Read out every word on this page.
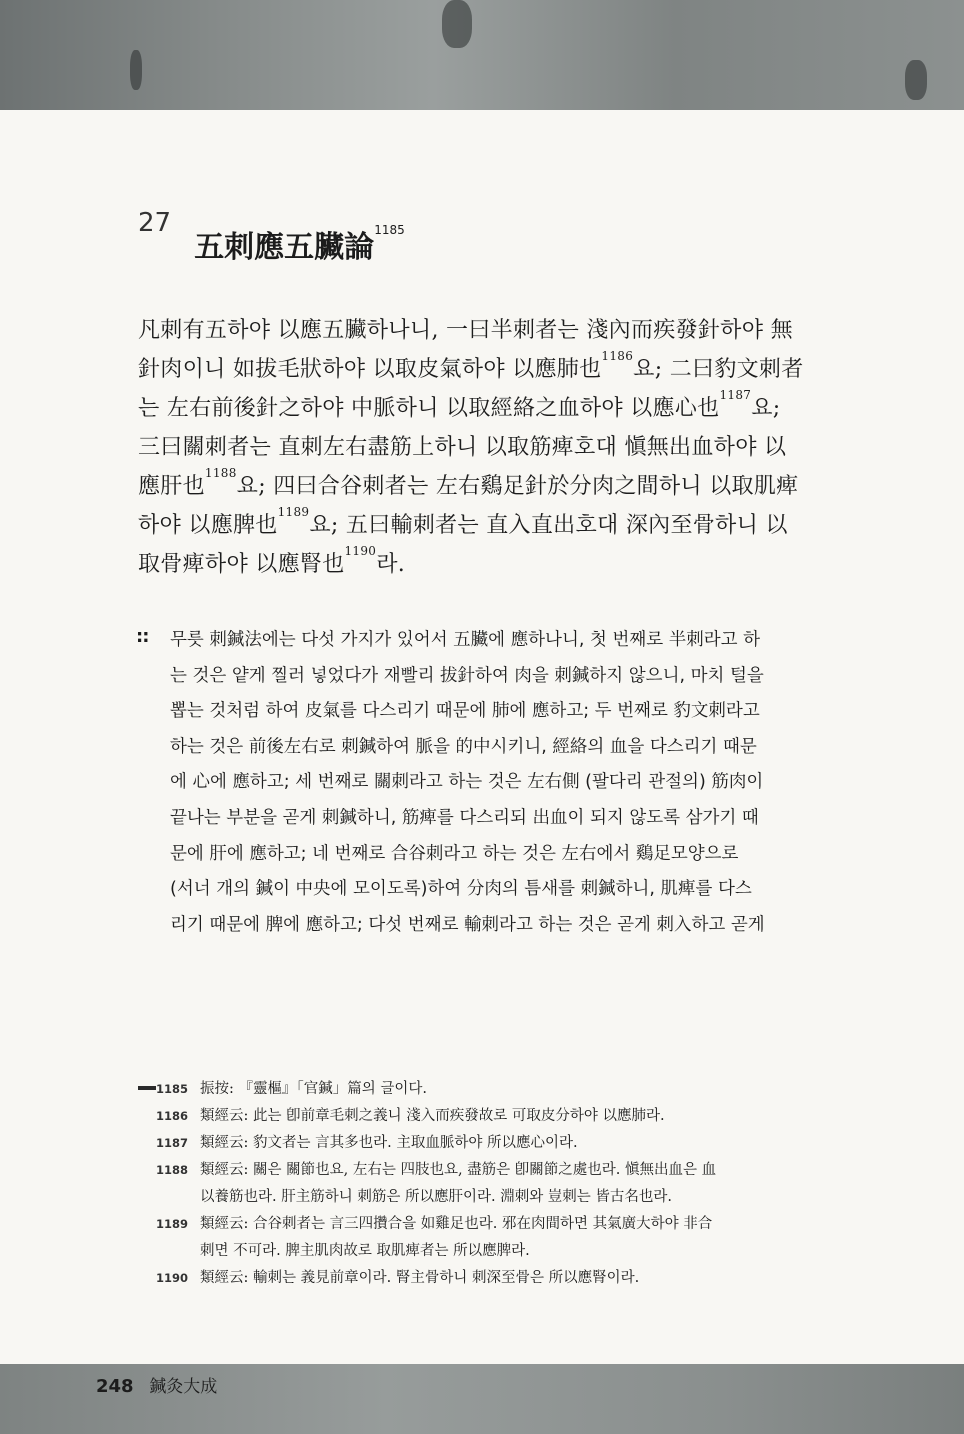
27 五刺應五臟論$^{1185}$
凡刺有五하야 以應五臟하나니, 一曰半刺者는 淺內而疾發針하야 無
針肉이니 如拔毛狀하야 以取皮氣하야 以應肺也$^{1186}$요; 二曰豹文刺者
는 左右前後針之하야 中脈하니 以取經絡之血하야 以應心也$^{1187}$요;
三曰關刺者는 直刺左右盡筋上하니 以取筋痺호대 愼無出血하야 以
應肝也$^{1188}$요; 四曰合谷刺者는 左右鷄足針於分肉之間하니 以取肌痺
하야 以應脾也$^{1189}$요; 五曰輸刺者는 直入直出호대 深內至骨하니 以
取骨痺하야 以應腎也$^{1190}$라.
:: 무릇 刺鍼法에는 다섯 가지가 있어서 五臟에 應하나니, 첫 번째로 半刺라고 하
는 것은 얕게 찔러 넣었다가 재빨리 拔針하여 肉을 刺鍼하지 않으니, 마치 털을
뽑는 것처럼 하여 皮氣를 다스리기 때문에 肺에 應하고; 두 번째로 豹文刺라고
하는 것은 前後左右로 刺鍼하여 脈을 的中시키니, 經絡의 血을 다스리기 때문
에 心에 應하고; 세 번째로 關刺라고 하는 것은 左右側 (팔다리 관절의) 筋肉이
끝나는 부분을 곧게 刺鍼하니, 筋痺를 다스리되 出血이 되지 않도록 삼가기 때
문에 肝에 應하고; 네 번째로 合谷刺라고 하는 것은 左右에서 鷄足모양으로
(서너 개의 鍼이 中央에 모이도록)하여 分肉의 틈새를 刺鍼하니, 肌痺를 다스
리기 때문에 脾에 應하고; 다섯 번째로 輸刺라고 하는 것은 곧게 刺入하고 곧게
1185 振按: 『靈樞』「官鍼」篇의 글이다.
1186 類經云: 此는 卽前章毛刺之義니 淺入而疾發故로 可取皮分하야 以應肺라.
1187 類經云: 豹文者는 言其多也라. 主取血脈하야 所以應心이라.
1188 類經云: 關은 關節也요, 左右는 四肢也요, 盡筋은 卽關節之處也라. 愼無出血은 血
以養筋也라. 肝主筋하니 刺筋은 所以應肝이라. 淵刺와 豈刺는 皆古名也라.
1189 類經云: 合谷刺者는 言三四攢合을 如雞足也라. 邪在肉間하면 其氣廣大하야 非合
刺면 不可라. 脾主肌肉故로 取肌痺者는 所以應脾라.
1190 類經云: 輸刺는 義見前章이라. 腎主骨하니 刺深至骨은 所以應腎이라.
248 鍼灸大成
